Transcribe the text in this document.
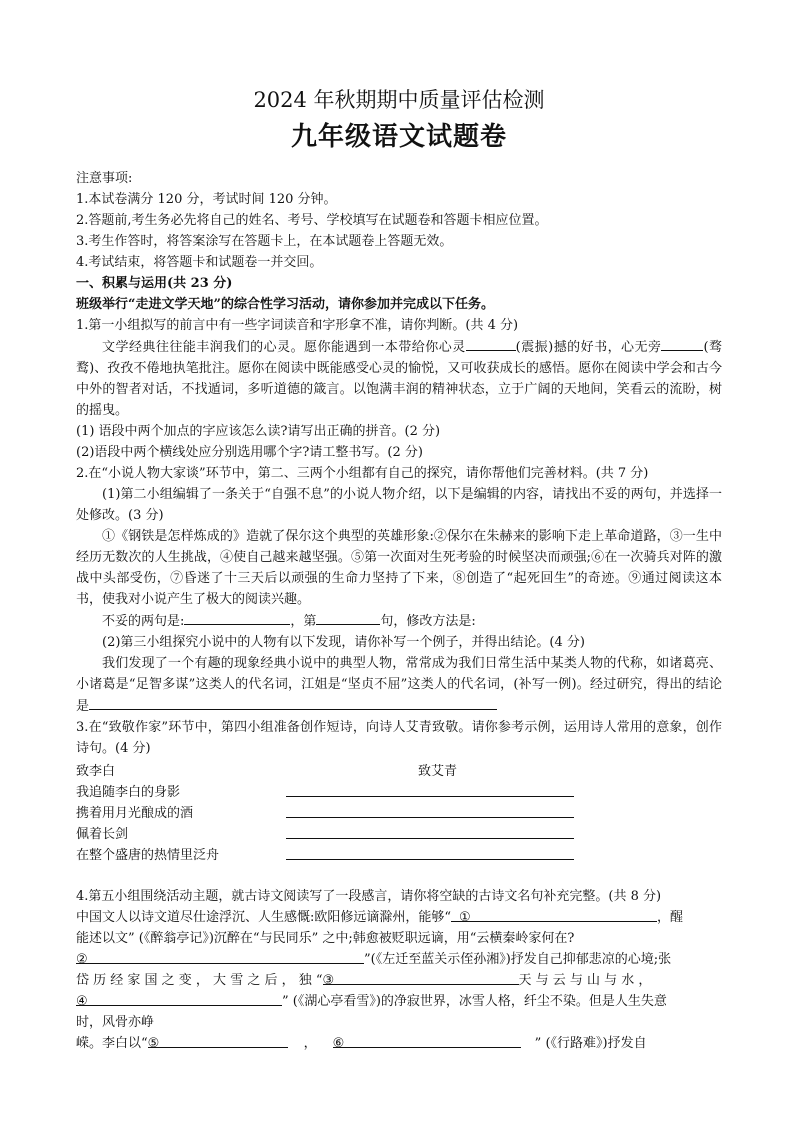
2024 年秋期期中质量评估检测
九年级语文试题卷

注意事项:

1.本试卷满分 120 分，考试时间 120 分钟。

2.答题前,考生务必先将自己的姓名、考号、学校填写在试题卷和答题卡相应位置。

3.考生作答时，将答案涂写在答题卡上，在本试题卷上答题无效。

4.考试结束，将答题卡和试题卷一并交回。

一、积累与运用(共 23 分)

班级举行“走进文学天地”的综合性学习活动，请你参加并完成以下任务。

1.第一小组拟写的前言中有一些字词读音和字形拿不准，请你判断。(共 4 分)

文学经典往往能丰润我们的心灵。愿你能遇到一本带给你心灵	(震振)撼的好书，心无旁	(骛鹜)、孜孜不倦地执笔批注。愿你在阅读中既能感受心灵的愉悦，又可收获成长的感悟。愿你在阅读中学会和古今中外的智者对话，不找遁词，多听道德的箴言。以饱满丰润的精神状态，立于广阔的天地间，笑看云的流盼，树的摇曳。

(1) 语段中两个加点的字应该怎么读?请写出正确的拼音。(2 分)

(2)语段中两个横线处应分别选用哪个字?请工整书写。(2 分)

2.在“小说人物大家谈”环节中，第二、三两个小组都有自己的探究，请你帮他们完善材料。(共 7 分)

(1)第二小组编辑了一条关于“自强不息”的小说人物介绍，以下是编辑的内容，请找出不妥的两句，并选择一处修改。(3 分)

①《钢铁是怎样炼成的》造就了保尔这个典型的英雄形象:②保尔在朱赫来的影响下走上革命道路，③一生中经历无数次的人生挑战，④使自己越来越坚强。⑤第一次面对生死考验的时候坚决而顽强;⑥在一次骑兵对阵的激战中头部受伤，⑦昏迷了十三天后以顽强的生命力坚持了下来，⑧创造了“起死回生”的奇迹。⑨通过阅读这本书，使我对小说产生了极大的阅读兴趣。

不妥的两句是:	，第	句，修改方法是:

(2)第三小组探究小说中的人物有以下发现，请你补写一个例子，并得出结论。(4 分)

我们发现了一个有趣的现象经典小说中的典型人物，常常成为我们日常生活中某类人物的代称，如诸葛亮、小诸葛是“足智多谋”这类人的代名词，江姐是“坚贞不屈”这类人的代名词，(补写一例)。经过研究，得出的结论是

3.在“致敬作家”环节中，第四小组准备创作短诗，向诗人艾青致敬。请你参考示例，运用诗人常用的意象，创作诗句。(4 分)

致李白
我追随李白的身影
携着用月光酿成的酒
佩着长剑
在整个盛唐的热情里泛舟
致艾青

4.第五小组围绕活动主题，就古诗文阅读写了一段感言，请你将空缺的古诗文名句补充完整。(共 8 分)

中国文人以诗文道尽仕途浮沉、人生感慨:欧阳修远谪滁州，能够“ ①	，醒

能述以文” (《醉翁亭记》)沉醉在“与民同乐” 之中;韩愈被贬职远谪，用“云横秦岭家何在?

②	”(《左迁至蓝关示侄孙湘》)抒发自己抑郁悲凉的心境;张

岱 历 经 家 国 之 变 ， 大 雪 之 后 ， 独 “③	天 与 云 与 山 与 水 ，

④	” (《湖心亭看雪》)的净寂世界，冰雪人格，纤尘不染。但是人生失意

时，风骨亦峥

嵘。李白以“⑤	， ⑥	” (《行路难》)抒发自
